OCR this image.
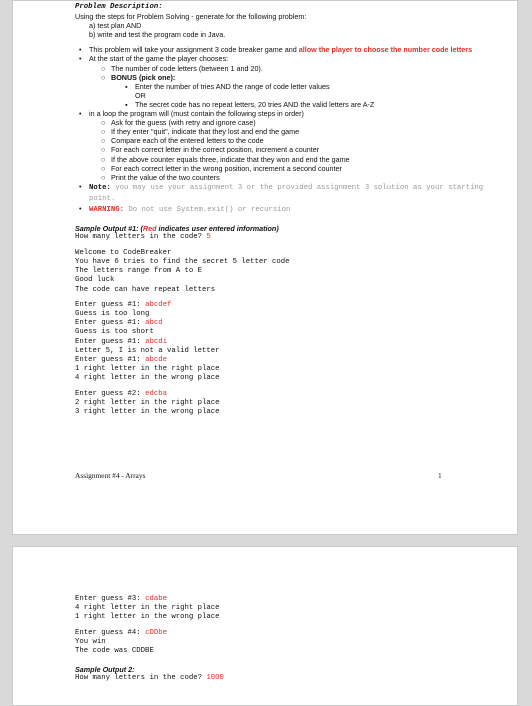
Problem Description:
Using the steps for Problem Solving - generate for the following problem:
a) test plan AND
b) write and test the program code in Java.
• This problem will take your assignment 3 code breaker game and allow the player to choose the number code letters
• At the start of the game the player chooses:
○ The number of code letters (between 1 and 20).
○ BONUS (pick one):
▪ Enter the number of tries AND the range of code letter values
OR
▪ The secret code has no repeat letters, 20 tries AND the valid letters are A-Z
• in a loop the program will (must contain the following steps in order)
○ Ask for the guess (with retry and ignore case)
○ If they enter "quit", indicate that they lost and end the game
○ Compare each of the entered letters to the code
○ For each correct letter in the correct position, increment a counter
○ If the above counter equals three, indicate that they won and end the game
○ For each correct letter in the wrong position, increment a second counter
○ Print the value of the two counters
• Note: you may use your assignment 3 or the provided assignment 3 solution as your starting point.
• WARNING: Do not use System.exit() or recursion
Sample Output #1: (Red indicates user entered information)
How many letters in the code? 5
Welcome to CodeBreaker
You have 6 tries to find the secret 5 letter code
The letters range from A to E
Good luck
The code can have repeat letters
Enter guess #1: abcdef
Guess is too long
Enter guess #1: abcd
Guess is too short
Enter guess #1: abcdi
Letter 5, I is not a valid letter
Enter guess #1: abcde
1 right letter in the right place
4 right letter in the wrong place
Enter guess #2: edcba
2 right letter in the right place
3 right letter in the wrong place
Assignment #4 - Arrays	1
Enter guess #3: cdabe
4 right letter in the right place
1 right letter in the wrong place
Enter guess #4: cDDbe
You win
The code was CDDBE
Sample Output 2:
How many letters in the code? 1000
